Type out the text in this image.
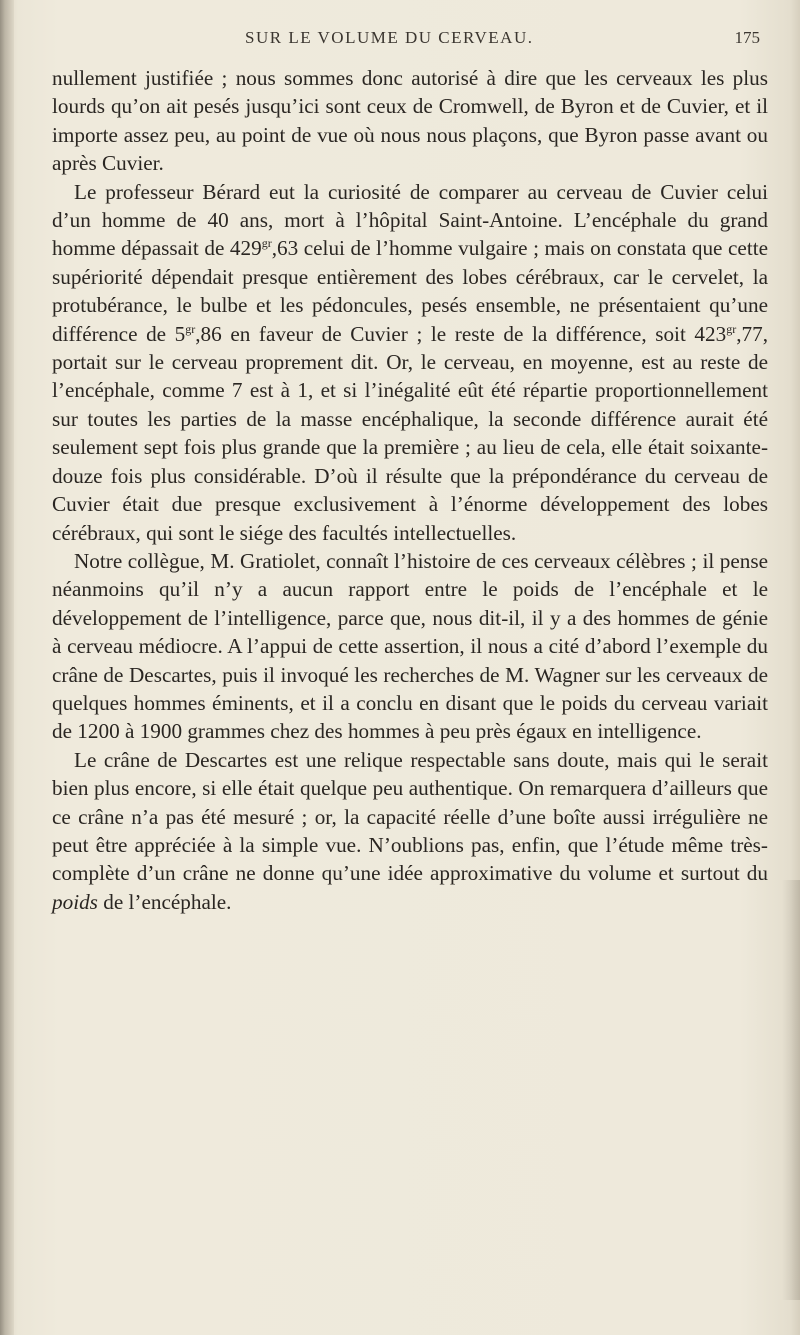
SUR LE VOLUME DU CERVEAU.	175

nullement justifiée ; nous sommes donc autorisé à dire que les cerveaux les plus lourds qu’on ait pesés jusqu’ici sont ceux de Cromwell, de Byron et de Cuvier, et il importe assez peu, au point de vue où nous nous plaçons, que Byron passe avant ou après Cuvier.

Le professeur Bérard eut la curiosité de comparer au cerveau de Cuvier celui d’un homme de 40 ans, mort à l’hôpital Saint-Antoine. L’encéphale du grand homme dépassait de $429^{gr},63$ celui de l’homme vulgaire ; mais on constata que cette supériorité dépendait presque entièrement des lobes cérébraux, car le cervelet, la protubérance, le bulbe et les pédoncules, pesés ensemble, ne présentaient qu’une différence de $5^{gr},86$ en faveur de Cuvier ; le reste de la différence, soit $423^{gr},77$, portait sur le cerveau proprement dit. Or, le cerveau, en moyenne, est au reste de l’encéphale, comme 7 est à 1, et si l’inégalité eût été répartie proportionnellement sur toutes les parties de la masse encéphalique, la seconde différence aurait été seulement sept fois plus grande que la première ; au lieu de cela, elle était soixante-douze fois plus considérable. D’où il résulte que la prépondérance du cerveau de Cuvier était due presque exclusivement à l’énorme développement des lobes cérébraux, qui sont le siége des facultés intellectuelles.

Notre collègue, M. Gratiolet, connaît l’histoire de ces cerveaux célèbres ; il pense néanmoins qu’il n’y a aucun rapport entre le poids de l’encéphale et le développement de l’intelligence, parce que, nous dit-il, il y a des hommes de génie à cerveau médiocre. A l’appui de cette assertion, il nous a cité d’abord l’exemple du crâne de Descartes, puis il invoqué les recherches de M. Wagner sur les cerveaux de quelques hommes éminents, et il a conclu en disant que le poids du cerveau variait de 1200 à 1900 grammes chez des hommes à peu près égaux en intelligence.

Le crâne de Descartes est une relique respectable sans doute, mais qui le serait bien plus encore, si elle était quelque peu authentique. On remarquera d’ailleurs que ce crâne n’a pas été mesuré ; or, la capacité réelle d’une boîte aussi irrégulière ne peut être appréciée à la simple vue. N’oublions pas, enfin, que l’étude même très-complète d’un crâne ne donne qu’une idée approximative du volume et surtout du poids de l’encéphale.
